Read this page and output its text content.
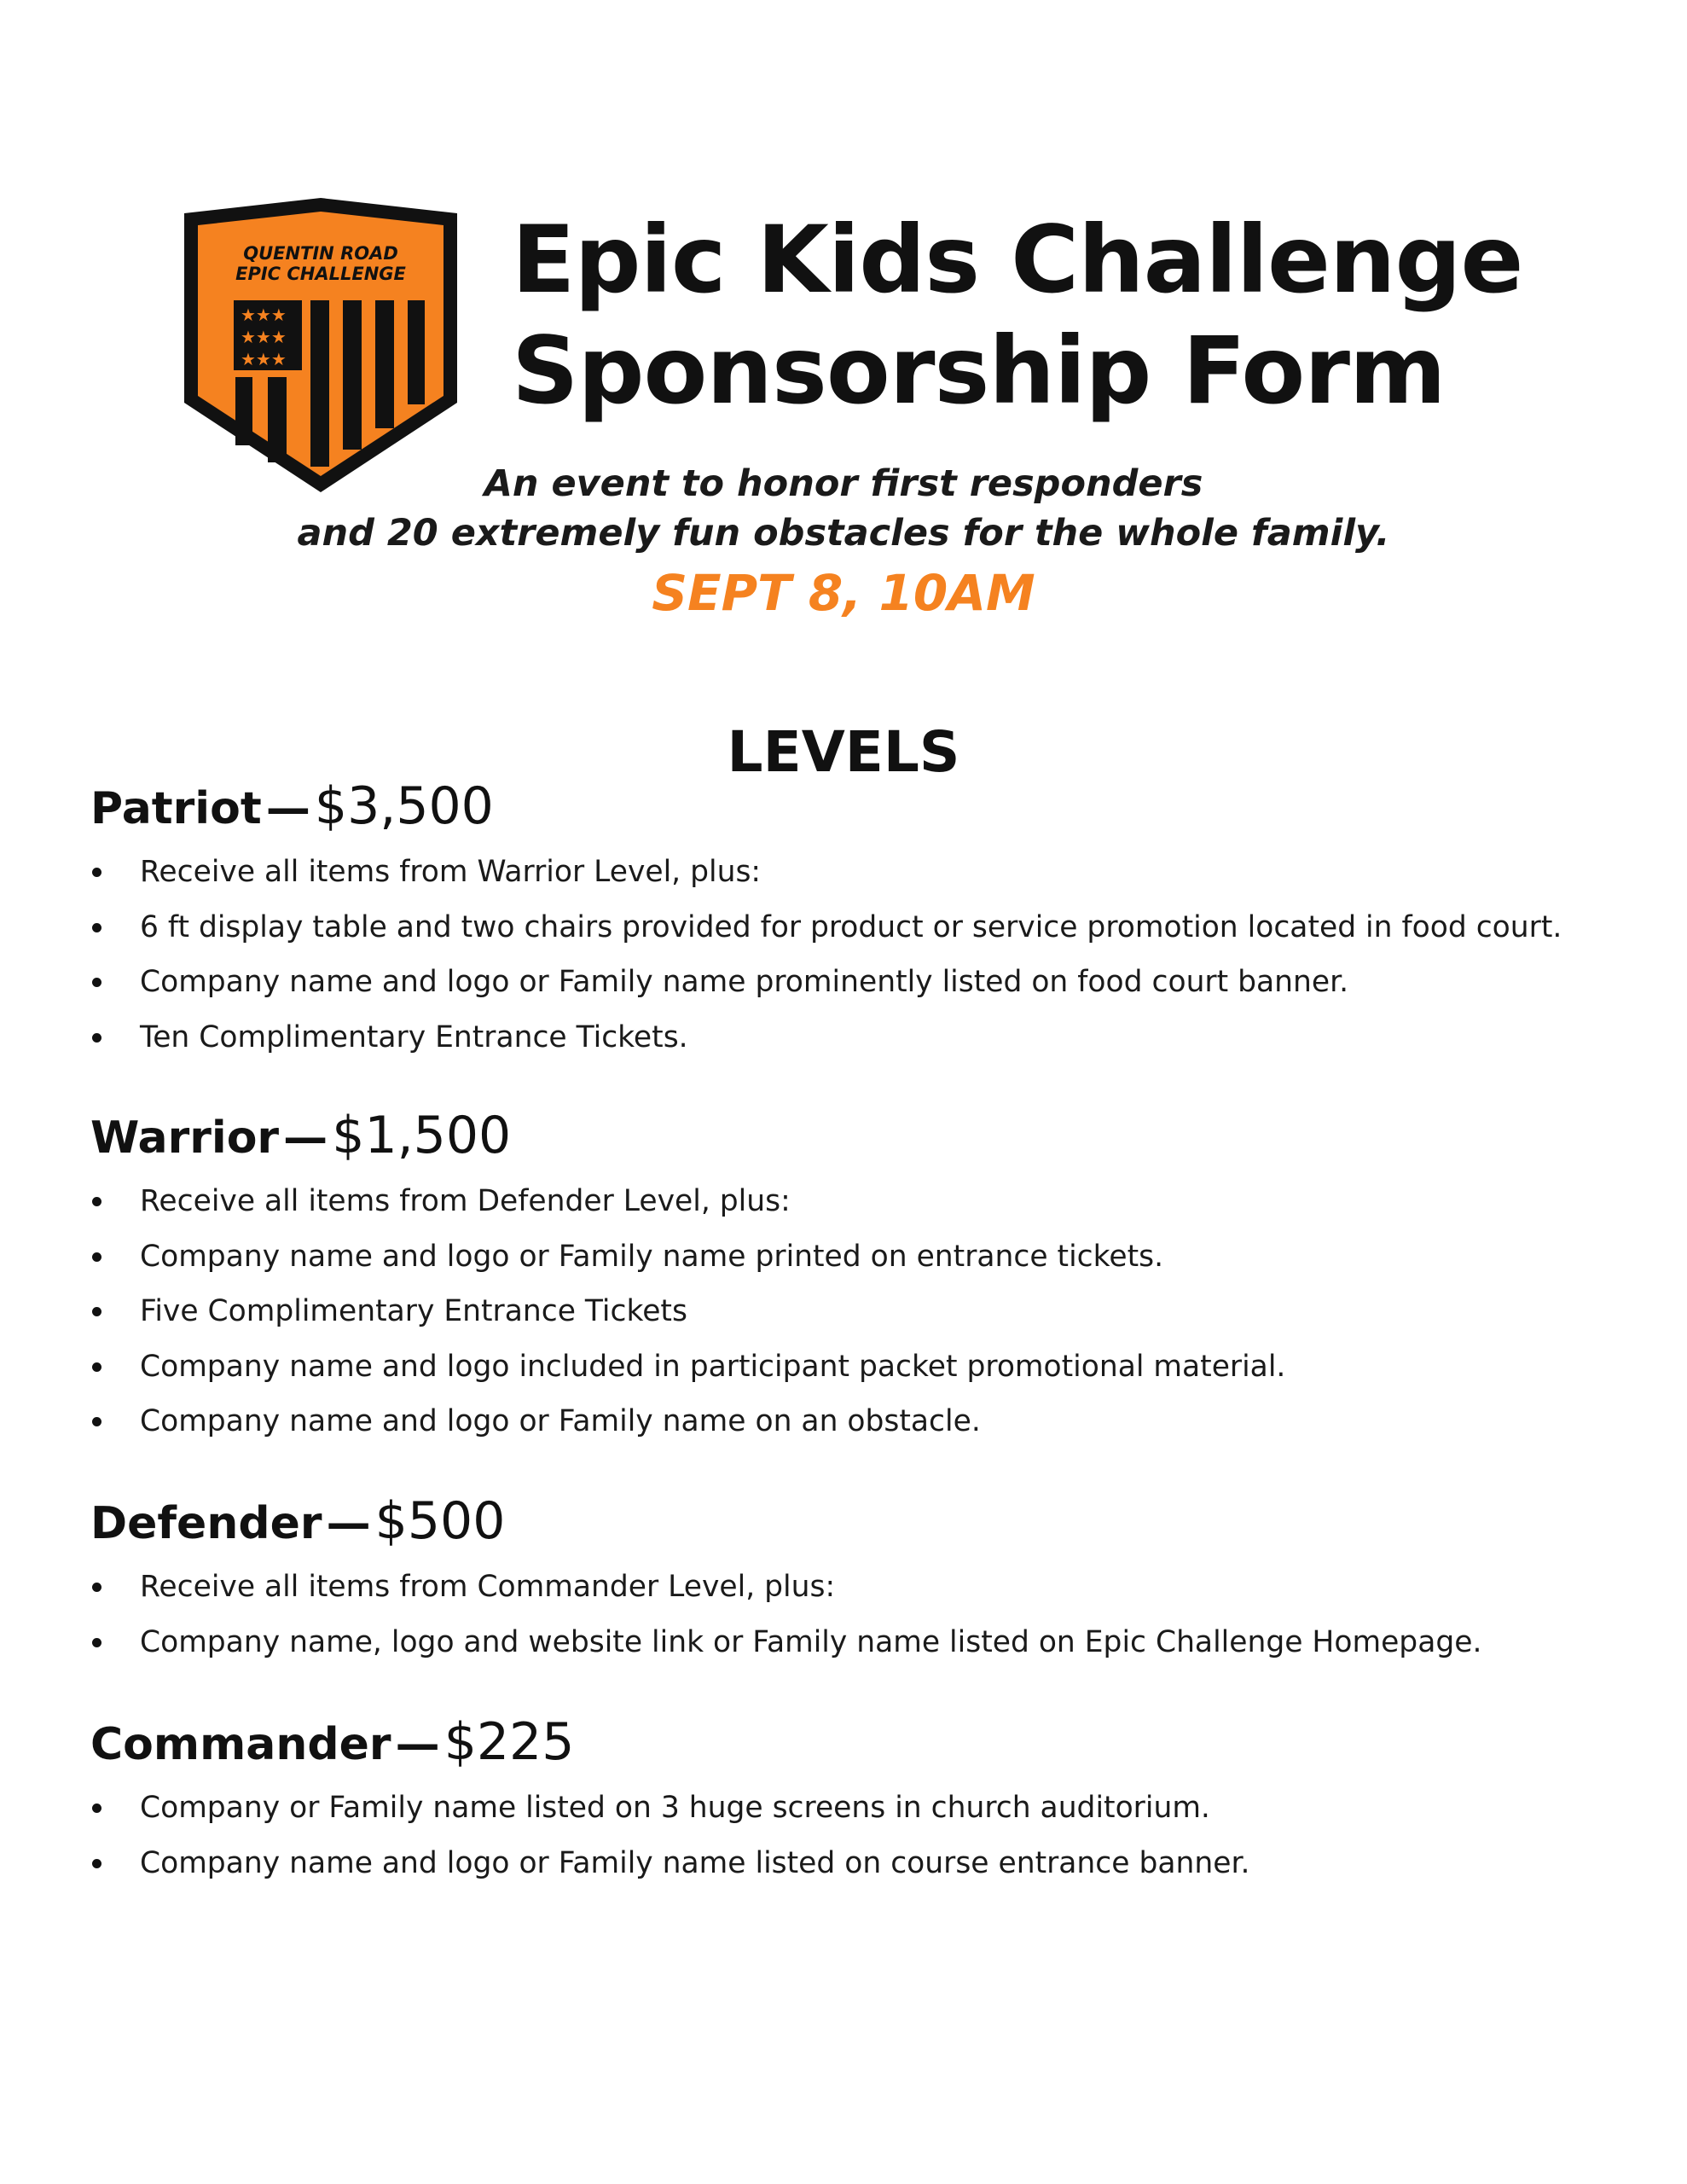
★★★
★★★
★★★
QUENTIN ROAD
EPIC CHALLENGE Epic Kids Challenge
Sponsorship Form
An event to honor first responders
and 20 extremely fun obstacles for the whole family.
SEPT 8, 10AM
LEVELS
Patriot — $3,500
Receive all items from Warrior Level, plus:
6 ft display table and two chairs provided for product or service promotion located in food court.
Company name and logo or Family name prominently listed on food court banner.
Ten Complimentary Entrance Tickets.
Warrior — $1,500
Receive all items from Defender Level, plus:
Company name and logo or Family name printed on entrance tickets.
Five Complimentary Entrance Tickets
Company name and logo included in participant packet promotional material.
Company name and logo or Family name on an obstacle.
Defender — $500
Receive all items from Commander Level, plus:
Company name, logo and website link or Family name listed on Epic Challenge Homepage.
Commander — $225
Company or Family name listed on 3 huge screens in church auditorium.
Company name and logo or Family name listed on course entrance banner.
